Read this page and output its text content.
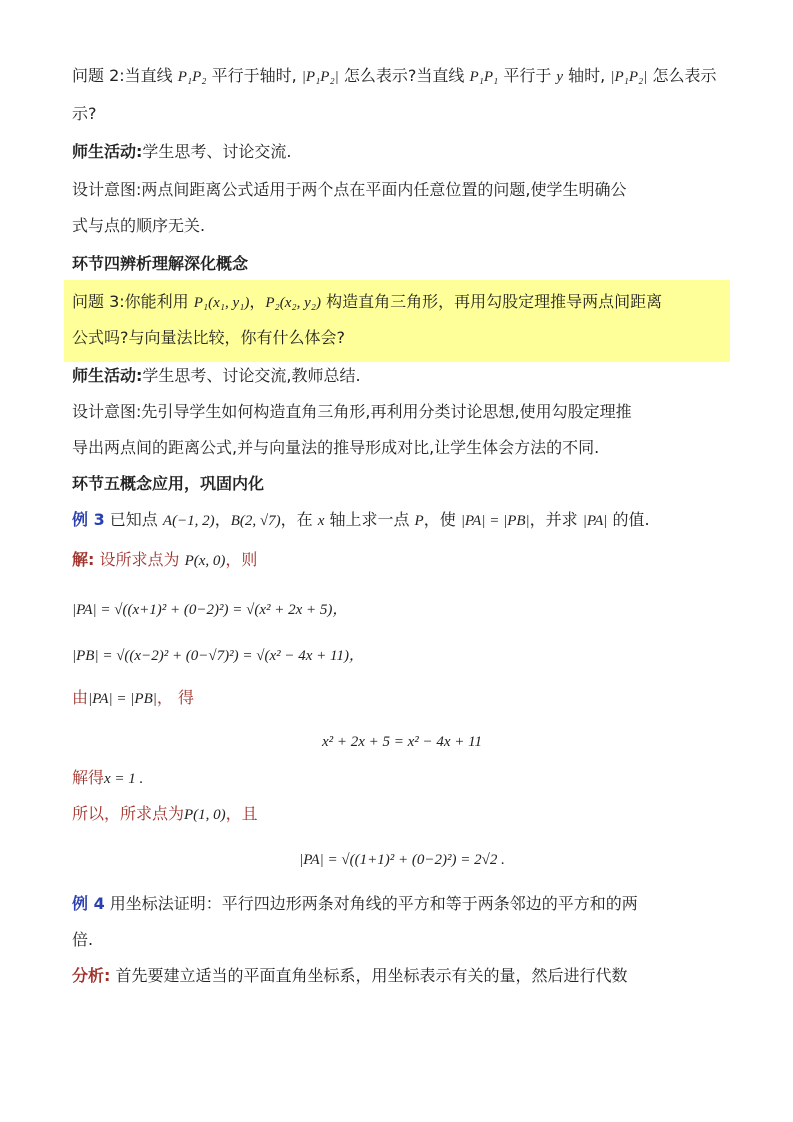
问题 2:当直线 P₁P₂ 平行于轴时, |P₁P₂| 怎么表示?当直线 P₁P₁ 平行于 y 轴时, |P₁P₂| 怎么表示
示?
师生活动:学生思考、讨论交流.
设计意图:两点间距离公式适用于两个点在平面内任意位置的问题,使学生明确公
式与点的顺序无关.
环节四辨析理解深化概念
问题 3:你能利用 P₁(x₁, y₁)，P₂(x₂, y₂) 构造直角三角形，再用勾股定理推导两点间距离
公式吗?与向量法比较，你有什么体会?
师生活动:学生思考、讨论交流,教师总结.
设计意图:先引导学生如何构造直角三角形,再利用分类讨论思想,使用勾股定理推
导出两点间的距离公式,并与向量法的推导形成对比,让学生体会方法的不同.
环节五概念应用，巩固内化
例 3 已知点 A(−1, 2)，B(2, √7)，在 x 轴上求一点 P，使 |PA| = |PB|，并求 |PA| 的值.
解: 设所求点为 P(x, 0)，则
|PA| = √((x+1)² + (0−2)²) = √(x² + 2x + 5)，
|PB| = √((x−2)² + (0−√7)²) = √(x² − 4x + 11)，
由|PA| = |PB|， 得
x² + 2x + 5 = x² − 4x + 11
解得x = 1 .
所以，所求点为P(1, 0)，且
|PA| = √((1+1)² + (0−2)²) = 2√2 .
例 4 用坐标法证明：平行四边形两条对角线的平方和等于两条邻边的平方和的两
倍.
分析: 首先要建立适当的平面直角坐标系，用坐标表示有关的量，然后进行代数
